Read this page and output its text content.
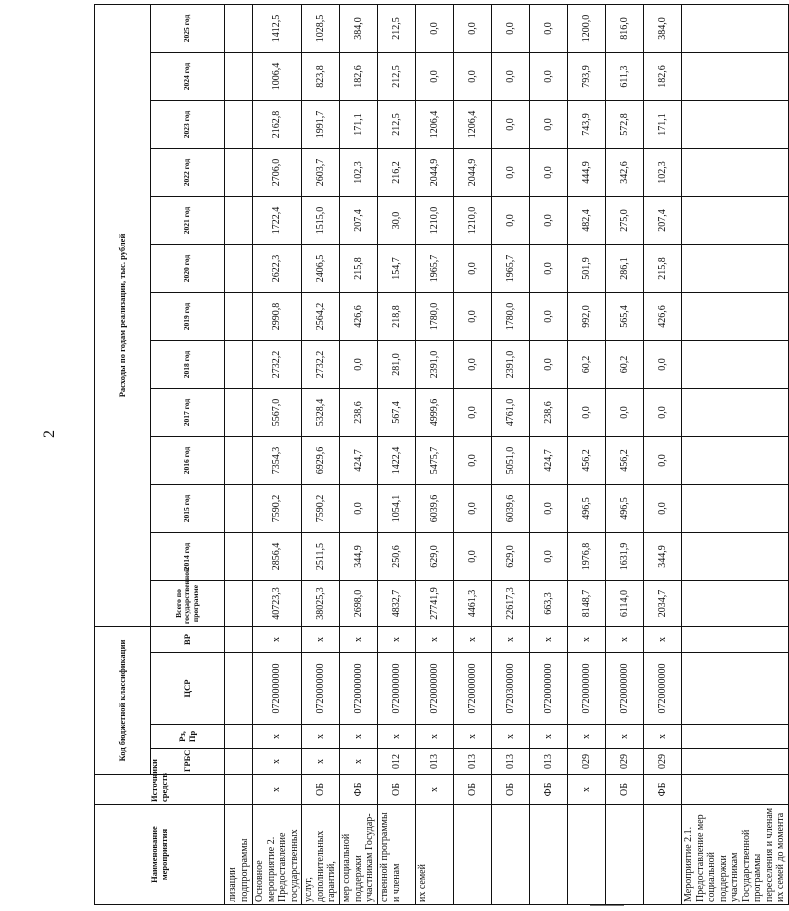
2
Наименование мероприятия	Источники средств	Код бюджетной классификации				Расходы по годам реализации, тыс. рублей												
		ГРБС	Рз, Пр	ЦСР	ВР	Всего по государственной программе	2014 год	2015 год	2016 год	2017 год	2018 год	2019 год	2020 год	2021 год	2022 год	2023 год	2024 год	2025 год
лизации подпрограммы																		
Основное мероприятие 2. Предоставление государственных	х	х	х	0720000000	х	40723,3	2856,4	7590,2	7354,3	5567,0	2732,2	2990,8	2622,3	1722,4	2706,0	2162,8	1006,4	1412,5
услуг, дополнительных гарантий,	ОБ	х	х	0720000000	х	38025,3	2511,5	7590,2	6929,6	5328,4	2732,2	2564,2	2406,5	1515,0	2603,7	1991,7	823,8	1028,5
мер социальной поддержки участникам Государ-	ФБ	х	х	0720000000	х	2698,0	344,9	0,0	424,7	238,6	0,0	426,6	215,8	207,4	102,3	171,1	182,6	384,0
ственной программы и членам	ОБ	012	х	0720000000	х	4832,7	250,6	1054,1	1422,4	567,4	281,0	218,8	154,7	30,0	216,2	212,5	212,5	212,5
их семей	х	013	х	0720000000	х	27741,9	629,0	6039,6	5475,7	4999,6	2391,0	1780,0	1965,7	1210,0	2044,9	1206,4	0,0	0,0
	ОБ	013	х	0720000000	х	4461,3	0,0	0,0	0,0	0,0	0,0	0,0	0,0	1210,0	2044,9	1206,4	0,0	0,0
	ОБ	013	х	0720300000	х	22617,3	629,0	6039,6	5051,0	4761,0	2391,0	1780,0	1965,7	0,0	0,0	0,0	0,0	0,0
	ФБ	013	х	0720000000	х	663,3	0,0	0,0	424,7	238,6	0,0	0,0	0,0	0,0	0,0	0,0	0,0	0,0
	х	029	х	0720000000	х	8148,7	1976,8	496,5	456,2	0,0	60,2	992,0	501,9	482,4	444,9	743,9	793,9	1200,0
	ОБ	029	х	0720000000	х	6114,0	1631,9	496,5	456,2	0,0	60,2	565,4	286,1	275,0	342,6	572,8	611,3	816,0
	ФБ	029	х	0720000000	х	2034,7	344,9	0,0	0,0	0,0	0,0	426,6	215,8	207,4	102,3	171,1	182,6	384,0
Мероприятие 2.1. Предоставление мер социальной поддержки участникам Государственной программы переселения и членам их семей до момента																		
